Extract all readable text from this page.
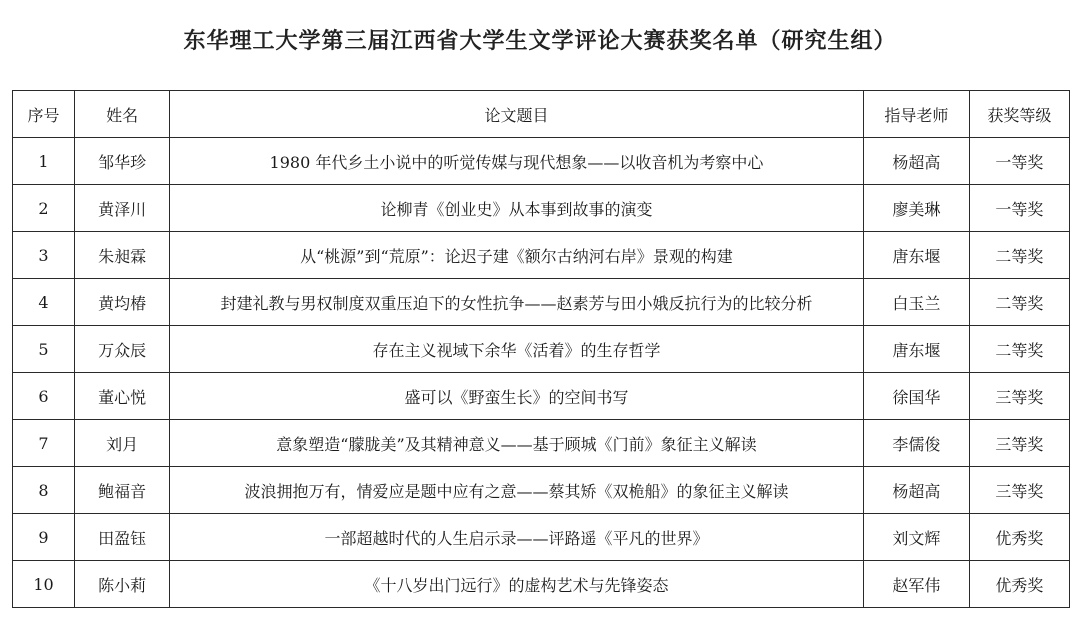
东华理工大学第三届江西省大学生文学评论大赛获奖名单（研究生组）
序号	姓名	论文题目	指导老师	获奖等级
1	邹华珍	1980 年代乡土小说中的听觉传媒与现代想象——以收音机为考察中心	杨超高	一等奖
2	黄泽川	论柳青《创业史》从本事到故事的演变	廖美琳	一等奖
3	朱昶霖	从“桃源”到“荒原”：论迟子建《额尔古纳河右岸》景观的构建	唐东堰	二等奖
4	黄均椿	封建礼教与男权制度双重压迫下的女性抗争——赵素芳与田小娥反抗行为的比较分析	白玉兰	二等奖
5	万众辰	存在主义视域下余华《活着》的生存哲学	唐东堰	二等奖
6	董心悦	盛可以《野蛮生长》的空间书写	徐国华	三等奖
7	刘月	意象塑造“朦胧美”及其精神意义——基于顾城《门前》象征主义解读	李儒俊	三等奖
8	鲍福音	波浪拥抱万有，情爱应是题中应有之意——蔡其矫《双桅船》的象征主义解读	杨超高	三等奖
9	田盈钰	一部超越时代的人生启示录——评路遥《平凡的世界》	刘文辉	优秀奖
10	陈小莉	《十八岁出门远行》的虚构艺术与先锋姿态	赵军伟	优秀奖
